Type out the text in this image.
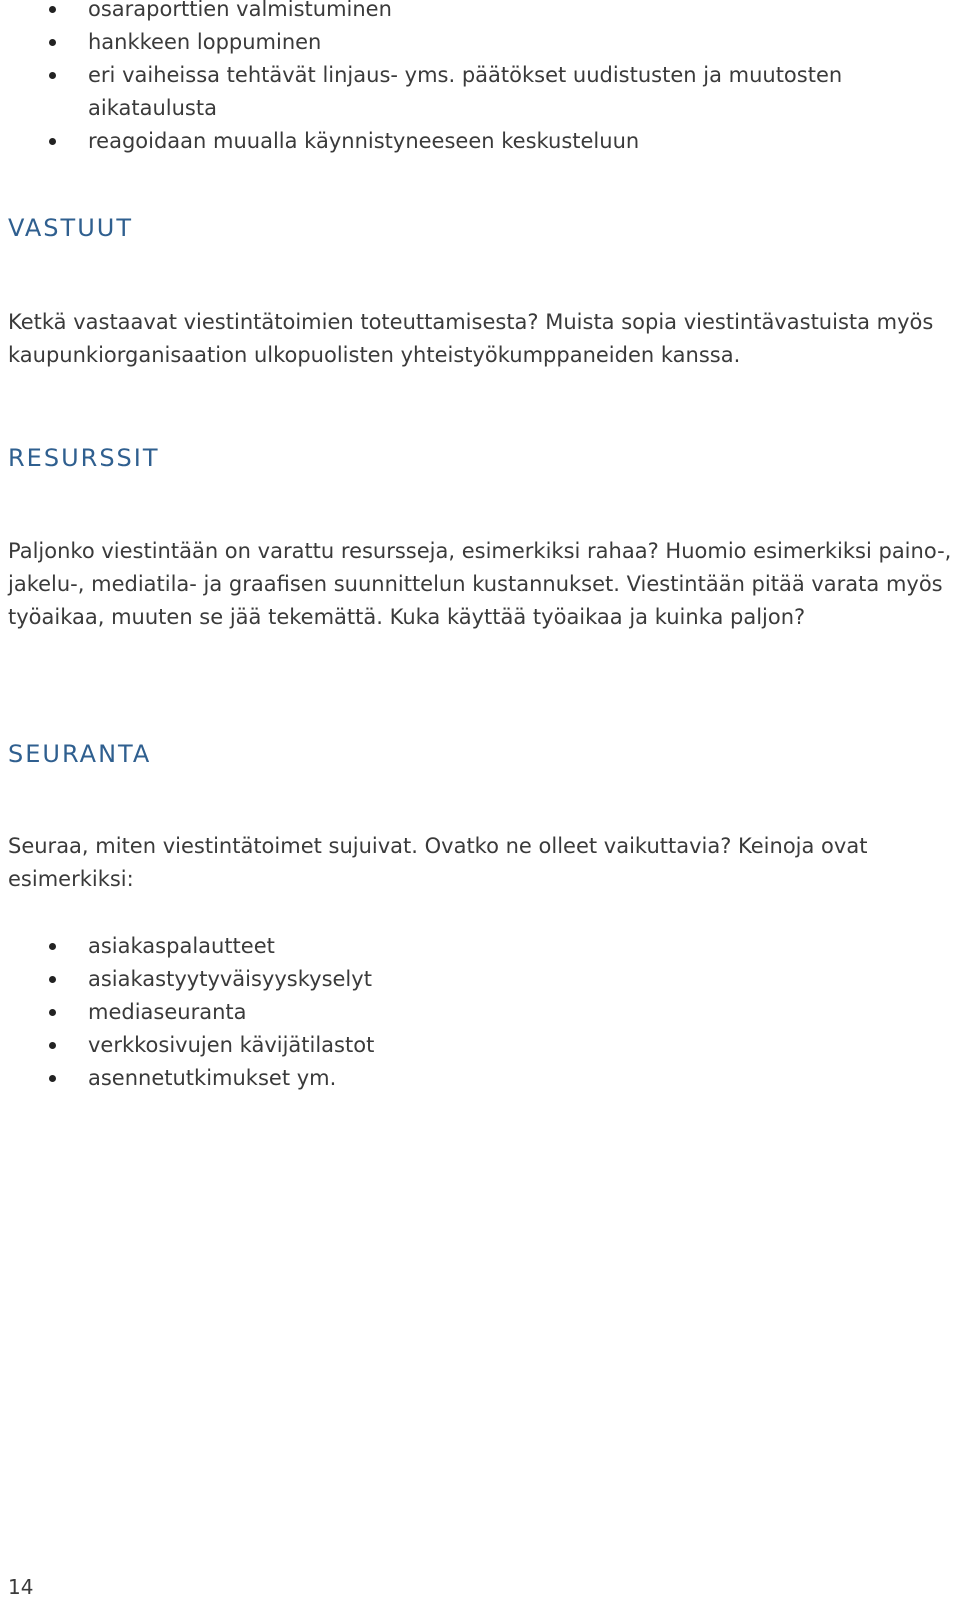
osaraporttien valmistuminen
hankkeen loppuminen
eri vaiheissa tehtävät linjaus- yms. päätökset uudistusten ja muutosten aikataulusta
reagoidaan muualla käynnistyneeseen keskusteluun
VASTUUT

Ketkä vastaavat viestintätoimien toteuttamisesta? Muista sopia viestintävastuista myös kaupunkiorganisaation ulkopuolisten yhteistyökumppaneiden kanssa.

RESURSSIT

Paljonko viestintään on varattu resursseja, esimerkiksi rahaa? Huomio esimerkiksi paino-, jakelu-, mediatila- ja graafisen suunnittelun kustannukset. Viestintään pitää varata myös työaikaa, muuten se jää tekemättä. Kuka käyttää työaikaa ja kuinka paljon?

SEURANTA

Seuraa, miten viestintätoimet sujuivat. Ovatko ne olleet vaikuttavia? Keinoja ovat esimerkiksi:

asiakaspalautteet
asiakastyytyväisyyskyselyt
mediaseuranta
verkkosivujen kävijätilastot
asennetutkimukset ym.
14
